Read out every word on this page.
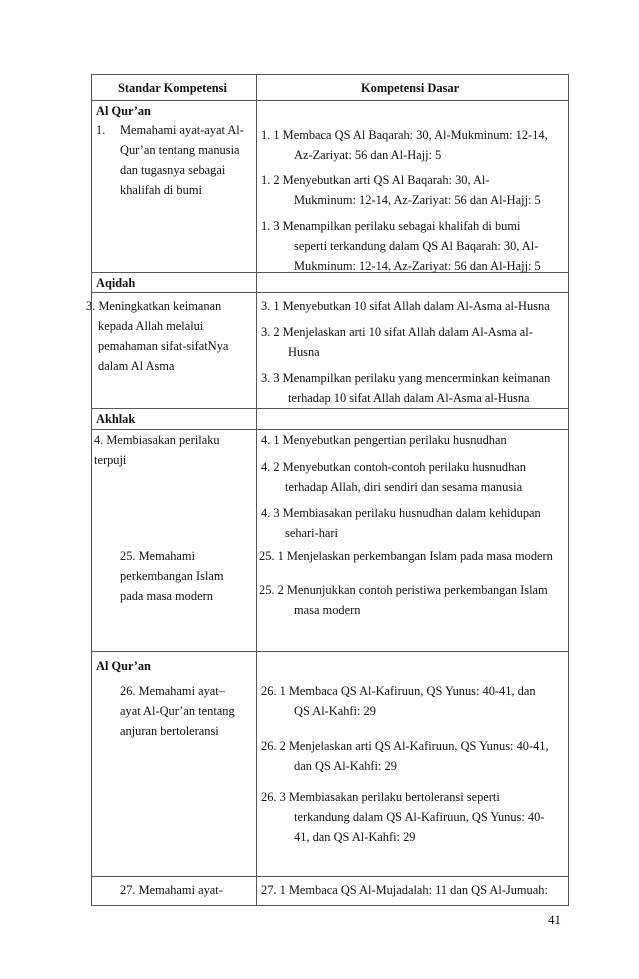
Standar Kompetensi	Kompetensi Dasar
Al Qur’an
Aqidah
Akhlak
Al Qur’an
1. Memahami ayat-ayat Al-
Qur’an tentang manusia
dan tugasnya sebagai
khalifah di bumi
1. 1 Membaca QS Al Baqarah: 30, Al-Mukminum: 12-14,
Az-Zariyat: 56 dan Al-Hajj: 5
1. 2 Menyebutkan arti QS Al Baqarah: 30, Al-
Mukminum: 12-14, Az-Zariyat: 56 dan Al-Hajj: 5
1. 3 Menampilkan perilaku sebagai khalifah di bumi
seperti terkandung dalam QS Al Baqarah: 30, Al-
Mukminum: 12-14, Az-Zariyat: 56 dan Al-Hajj: 5
3. Meningkatkan keimanan
kepada Allah melalui
pemahaman sifat-sifatNya
dalam Al Asma
3. 1 Menyebutkan 10 sifat Allah dalam Al-Asma al-Husna
3. 2 Menjelaskan arti 10 sifat Allah dalam Al-Asma al-
Husna
3. 3 Menampilkan perilaku yang mencerminkan keimanan
terhadap 10 sifat Allah dalam Al-Asma al-Husna
4. Membiasakan perilaku
terpuji
4. 1 Menyebutkan pengertian perilaku husnudhan
4. 2 Menyebutkan contoh-contoh perilaku husnudhan
terhadap Allah, diri sendiri dan sesama manusia
4. 3 Membiasakan perilaku husnudhan dalam kehidupan
sehari-hari
25. Memahami
perkembangan Islam
pada masa modern
25. 1 Menjelaskan perkembangan Islam pada masa modern
25. 2 Menunjukkan contoh peristiwa perkembangan Islam
masa modern
26. Memahami ayat–
ayat Al-Qur’an tentang
anjuran bertoleransi
26. 1 Membaca QS Al-Kafiruun, QS Yunus: 40-41, dan
QS Al-Kahfi: 29
26. 2 Menjelaskan arti QS Al-Kafiruun, QS Yunus: 40-41,
dan QS Al-Kahfi: 29
26. 3 Membiasakan perilaku bertoleransi seperti
terkandung dalam QS Al-Kafiruun, QS Yunus: 40-
41, dan QS Al-Kahfi: 29
27. Memahami ayat-	27. 1 Membaca QS Al-Mujadalah: 11 dan QS Al-Jumuah:
41
